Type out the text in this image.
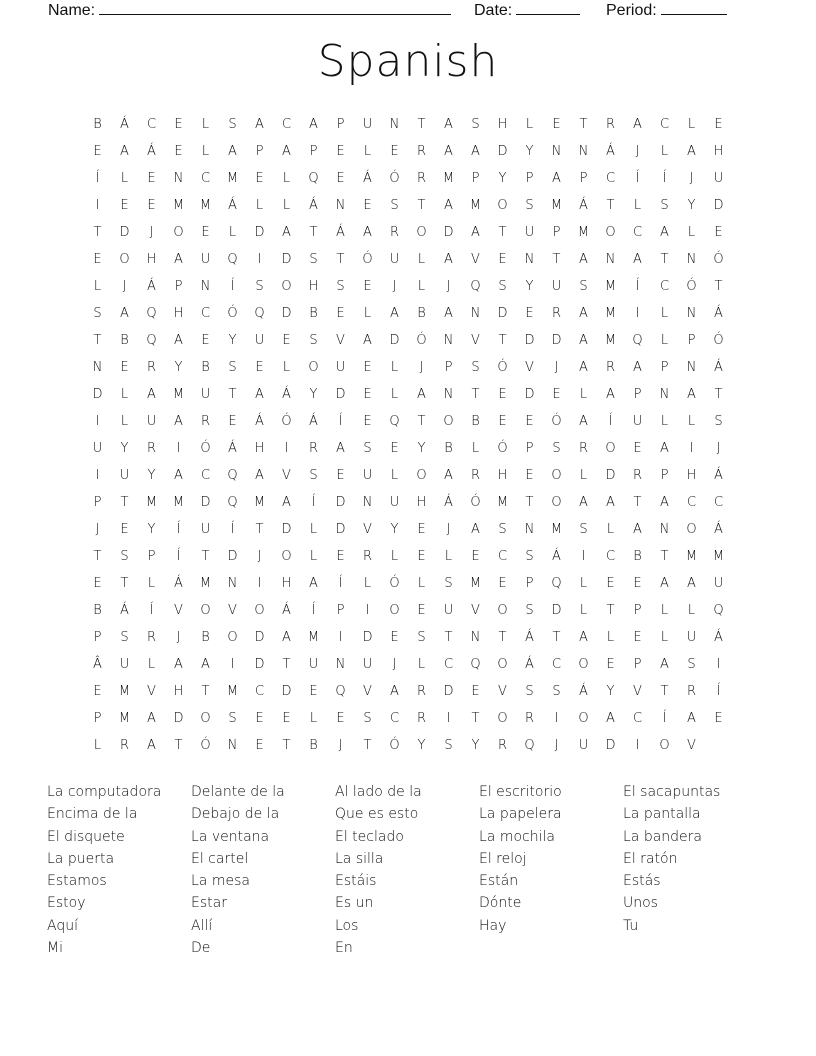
Name:	Date:	Period:
Spanish
B	Á	C	E	L	S	A	C	A	P	U	N	T	A	S	H	L	E	T	R	A	C	L	E
E	A	Á	E	L	A	P	A	P	E	L	E	R	A	A	D	Y	N	N	Á	J	L	A	H
Í	L	E	N	C	M	E	L	Q	E	Á	Ó	R	M	P	Y	P	A	P	C	Í	Í	J	U
I	E	E	M	M	Á	L	L	Á	N	E	S	T	A	M	O	S	M	Á	T	L	S	Y	D
T	D	J	O	E	L	D	A	T	Á	A	R	O	D	A	T	U	P	M	O	C	A	L	E
E	O	H	A	U	Q	I	D	S	T	Ó	U	L	A	V	E	N	T	A	N	A	T	N	Ó
L	J	Á	P	N	Í	S	O	H	S	E	J	L	J	Q	S	Y	U	S	M	Í	C	Ó	T
S	A	Q	H	C	Ó	Q	D	B	E	L	A	B	A	N	D	E	R	A	M	I	L	N	Á
T	B	Q	A	E	Y	U	E	S	V	A	D	Ó	N	V	T	D	D	A	M	Q	L	P	Ó
N	E	R	Y	B	S	E	L	O	U	E	L	J	P	S	Ó	V	J	A	R	A	P	N	Á
D	L	A	M	U	T	A	Á	Y	D	E	L	A	N	T	E	D	E	L	A	P	N	A	T
I	L	U	A	R	E	Á	Ó	Á	Í	E	Q	T	O	B	E	E	Ó	A	Í	U	L	L	S
U	Y	R	I	Ó	Á	H	I	R	A	S	E	Y	B	L	Ó	P	S	R	O	E	A	I	J
I	U	Y	A	C	Q	A	V	S	E	U	L	O	A	R	H	E	O	L	D	R	P	H	Á
P	T	M	M	D	Q	M	A	Í	D	N	U	H	Á	Ó	M	T	O	A	A	T	A	C	C
J	E	Y	Í	U	Í	T	D	L	D	V	Y	E	J	A	S	N	M	S	L	A	N	O	Á
T	S	P	Í	T	D	J	O	L	E	R	L	E	L	E	C	S	Á	I	C	B	T	M	M
E	T	L	Á	M	N	I	H	A	Í	L	Ó	L	S	M	E	P	Q	L	E	E	A	A	U
B	Á	Í	V	O	V	O	Á	Í	P	I	O	E	U	V	O	S	D	L	T	P	L	L	Q
P	S	R	J	B	O	D	A	M	I	D	E	S	T	N	T	Á	T	A	L	E	L	U	Á
Â	U	L	A	A	I	D	T	U	N	U	J	L	C	Q	O	Á	C	O	E	P	A	S	I
E	M	V	H	T	M	C	D	E	Q	V	A	R	D	E	V	S	S	Á	Y	V	T	R	Í
P	M	A	D	O	S	E	E	L	E	S	C	R	I	T	O	R	I	O	A	C	Í	A	E
L	R	A	T	Ó	N	E	T	B	J	T	Ó	Y	S	Y	R	Q	J	U	D	I	O	V
La computadora	Delante de la	Al lado de la	El escritorio	El sacapuntas
Encima de la	Debajo de la	Que es esto	La papelera	La pantalla
El disquete	La ventana	El teclado	La mochila	La bandera
La puerta	El cartel	La silla	El reloj	El ratón
Estamos	La mesa	Estáis	Están	Estás
Estoy	Estar	Es un	Dónte	Unos
Aquí	Allí	Los	Hay	Tu
Mi	De	En
